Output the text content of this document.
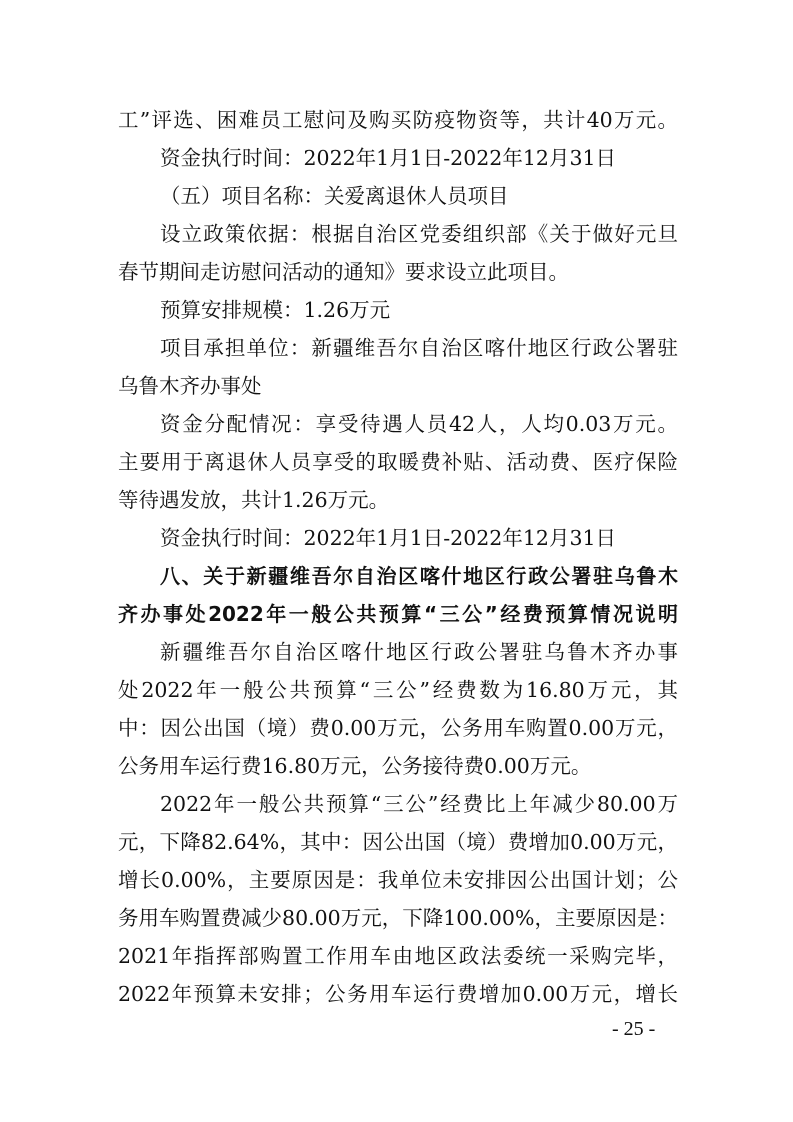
工”评选、困难员工慰问及购买防疫物资等，共计40万元。
资金执行时间：2022年1月1日-2022年12月31日
（五）项目名称：关爱离退休人员项目
设立政策依据：根据自治区党委组织部《关于做好元旦
春节期间走访慰问活动的通知》要求设立此项目。
预算安排规模：1.26万元
项目承担单位：新疆维吾尔自治区喀什地区行政公署驻
乌鲁木齐办事处
资金分配情况：享受待遇人员42人，人均0.03万元。
主要用于离退休人员享受的取暖费补贴、活动费、医疗保险
等待遇发放，共计1.26万元。
资金执行时间：2022年1月1日-2022年12月31日
八、关于新疆维吾尔自治区喀什地区行政公署驻乌鲁木
齐办事处2022年一般公共预算“三公”经费预算情况说明
新疆维吾尔自治区喀什地区行政公署驻乌鲁木齐办事
处2022年一般公共预算“三公”经费数为16.80万元，其
中：因公出国（境）费0.00万元，公务用车购置0.00万元，
公务用车运行费16.80万元，公务接待费0.00万元。
2022年一般公共预算“三公”经费比上年减少80.00万
元，下降82.64%，其中：因公出国（境）费增加0.00万元，
增长0.00%，主要原因是：我单位未安排因公出国计划；公
务用车购置费减少80.00万元，下降100.00%，主要原因是：
2021年指挥部购置工作用车由地区政法委统一采购完毕，
2022年预算未安排；公务用车运行费增加0.00万元，增长
- 25 -
